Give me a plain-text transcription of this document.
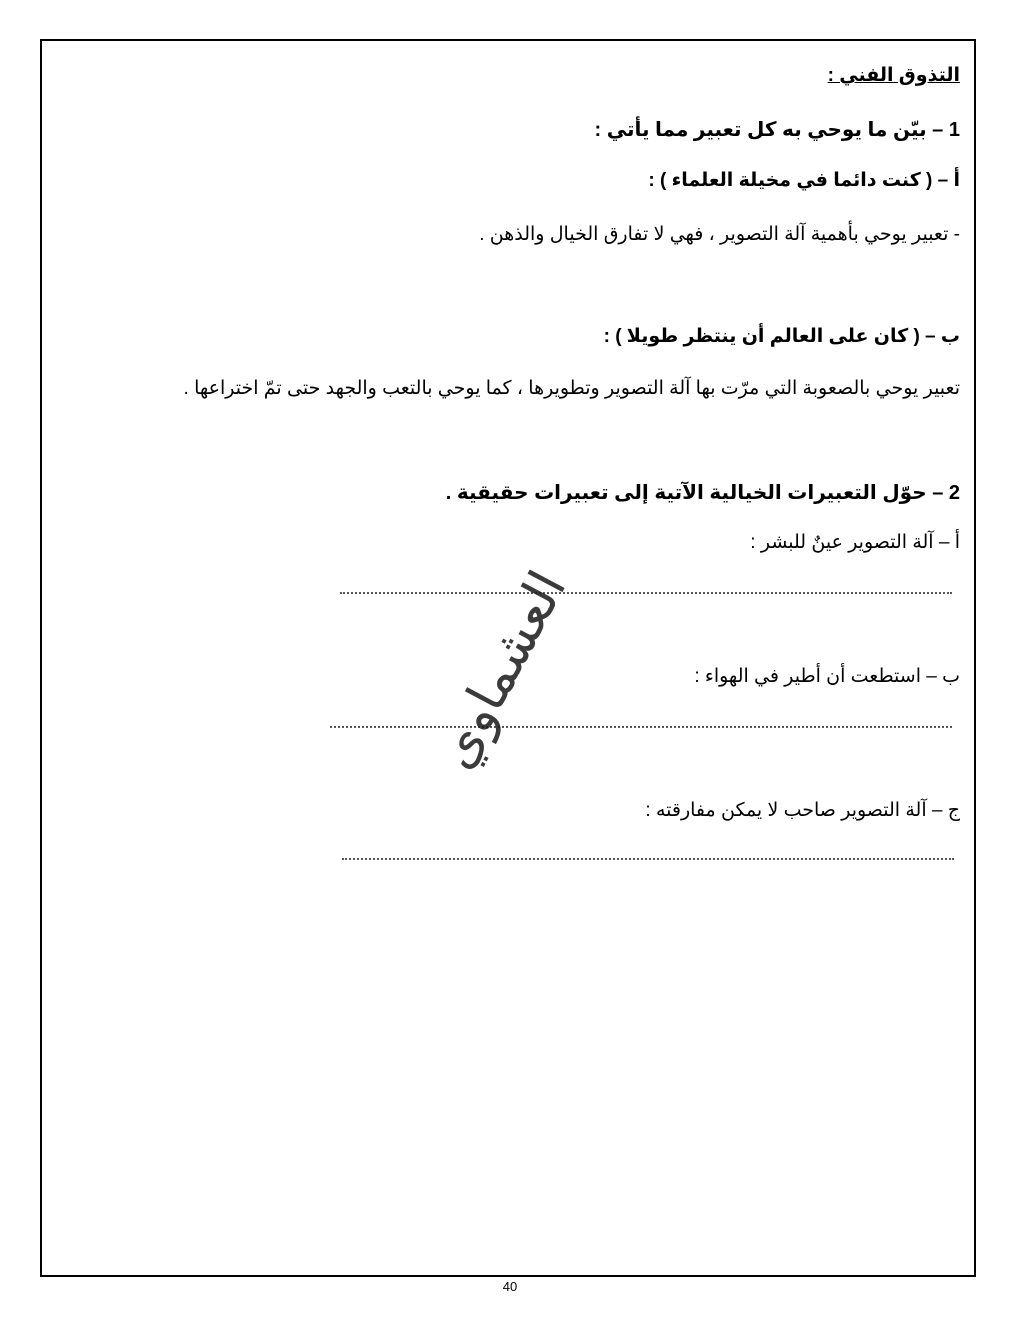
التذوق الفني :
1 – بيّن ما يوحي به كل تعبير مما يأتي :
أ – ( كنت دائما في مخيلة العلماء ) :
- تعبير يوحي بأهمية آلة التصوير ، فهي لا تفارق الخيال والذهن .
ب – ( كان على العالم أن ينتظر طويلا ) :
تعبير يوحي بالصعوبة التي مرّت بها آلة التصوير وتطويرها ، كما يوحي بالتعب والجهد حتى تمّ اختراعها .
2 – حوّل التعبيرات الخيالية الآتية إلى تعبيرات حقيقية .
أ – آلة التصوير عينٌ للبشر :
ب – استطعت أن أطير في الهواء :
ج – آلة التصوير صاحب لا يمكن مفارقته :
العشماوي
40
